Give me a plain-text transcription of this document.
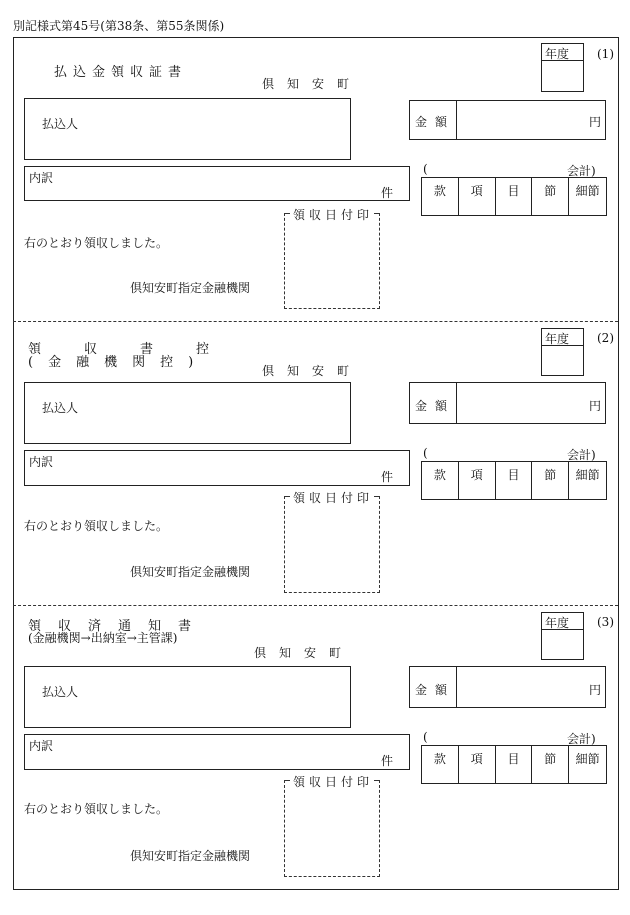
別記様式第45号(第38条、第55条関係)
払込金領収証書
倶知安町
年度 (1)
払込人	金額	円
内訳
件
(	会計)
款	項	目	節	細節
領収日付印
右のとおり領収しました。
倶知安町指定金融機関
領収書控
(金融機関控)
倶知安町
年度 (2)
払込人	金額	円
内訳
件
(	会計)
款	項	目	節	細節
領収日付印
右のとおり領収しました。
倶知安町指定金融機関
領収済通知書
(金融機関→出納室→主管課)
倶知安町
年度 (3)
払込人	金額	円
内訳
件
(	会計)
款	項	目	節	細節
領収日付印
右のとおり領収しました。
倶知安町指定金融機関
